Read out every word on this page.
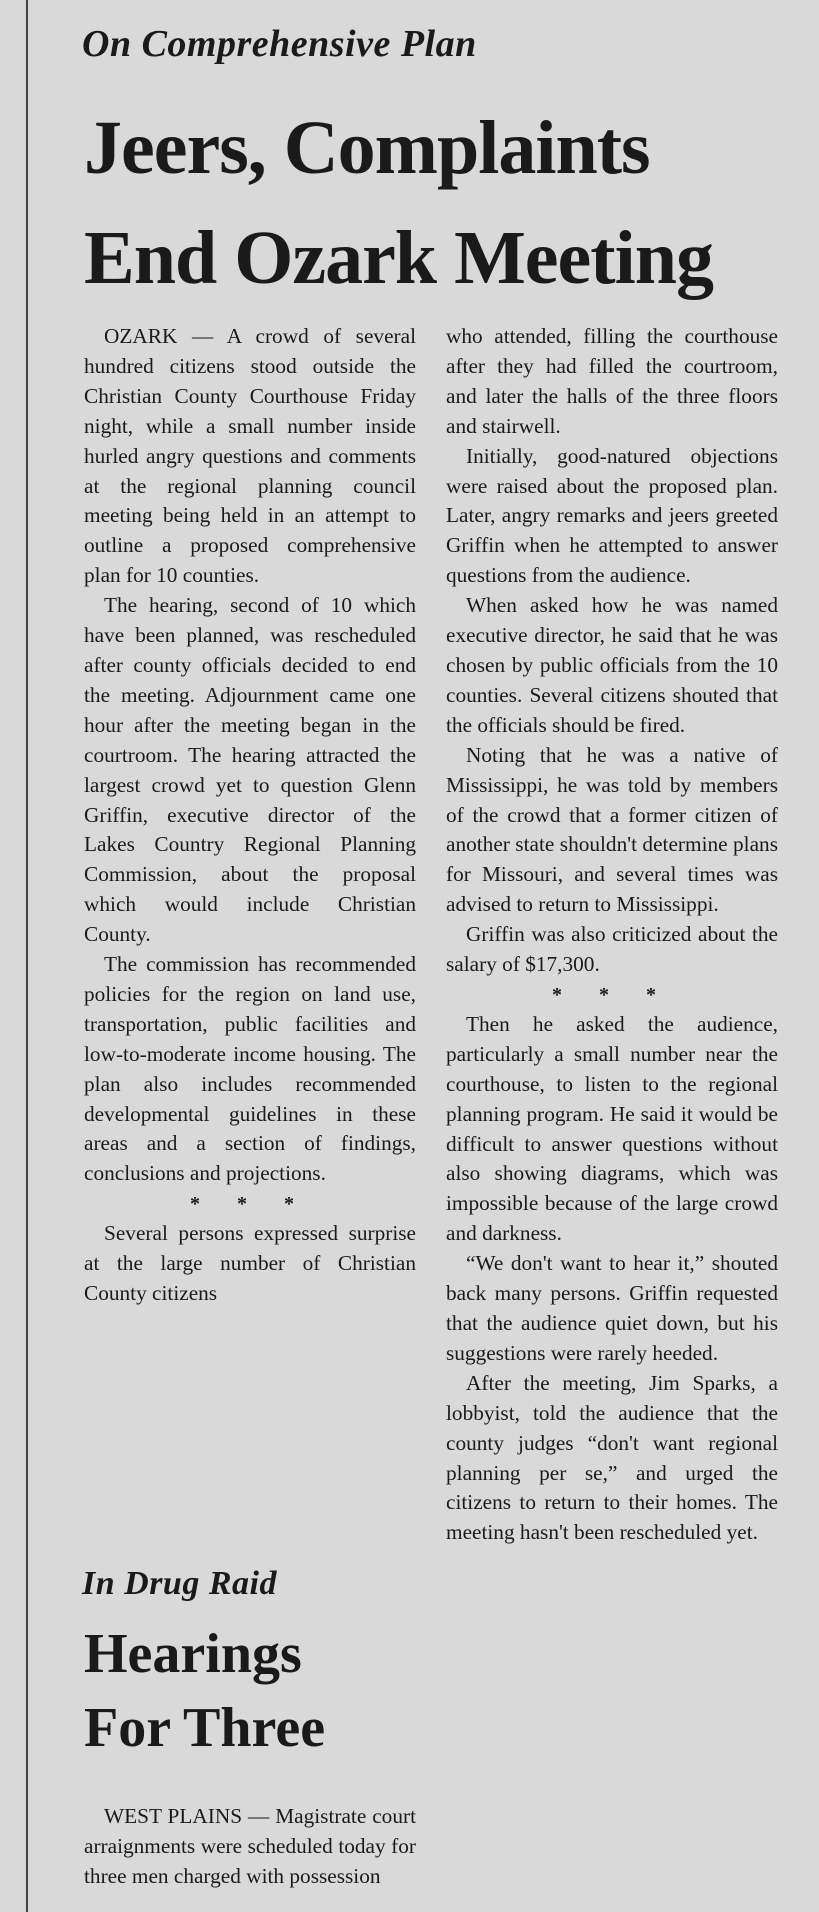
On Comprehensive Plan
Jeers, Complaints
End Ozark Meeting

OZARK — A crowd of several hundred citizens stood outside the Christian County Courthouse Friday night, while a small number inside hurled angry questions and comments at the regional planning council meeting being held in an attempt to outline a proposed comprehensive plan for 10 counties.

The hearing, second of 10 which have been planned, was rescheduled after county officials decided to end the meeting. Adjournment came one hour after the meeting began in the courtroom. The hearing attracted the largest crowd yet to question Glenn Griffin, executive director of the Lakes Country Regional Planning Commission, about the proposal which would include Christian County.

The commission has recommended policies for the region on land use, transportation, public facilities and low-to-moderate income housing. The plan also includes recommended developmental guidelines in these areas and a section of findings, conclusions and projections.

* * *

Several persons expressed surprise at the large number of Christian County citizens

who attended, filling the courthouse after they had filled the courtroom, and later the halls of the three floors and stairwell.

Initially, good-natured objections were raised about the proposed plan. Later, angry remarks and jeers greeted Griffin when he attempted to answer questions from the audience.

When asked how he was named executive director, he said that he was chosen by public officials from the 10 counties. Several citizens shouted that the officials should be fired.

Noting that he was a native of Mississippi, he was told by members of the crowd that a former citizen of another state shouldn't determine plans for Missouri, and several times was advised to return to Mississippi.

Griffin was also criticized about the salary of $17,300.

* * *

Then he asked the audience, particularly a small number near the courthouse, to listen to the regional planning program. He said it would be difficult to answer questions without also showing diagrams, which was impossible because of the large crowd and darkness.

“We don't want to hear it,” shouted back many persons. Griffin requested that the audience quiet down, but his suggestions were rarely heeded.

After the meeting, Jim Sparks, a lobbyist, told the audience that the county judges “don't want regional planning per se,” and urged the citizens to return to their homes. The meeting hasn't been rescheduled yet.

In Drug Raid
Hearings
For Three

WEST PLAINS — Magistrate court arraignments were scheduled today for three men charged with possession
